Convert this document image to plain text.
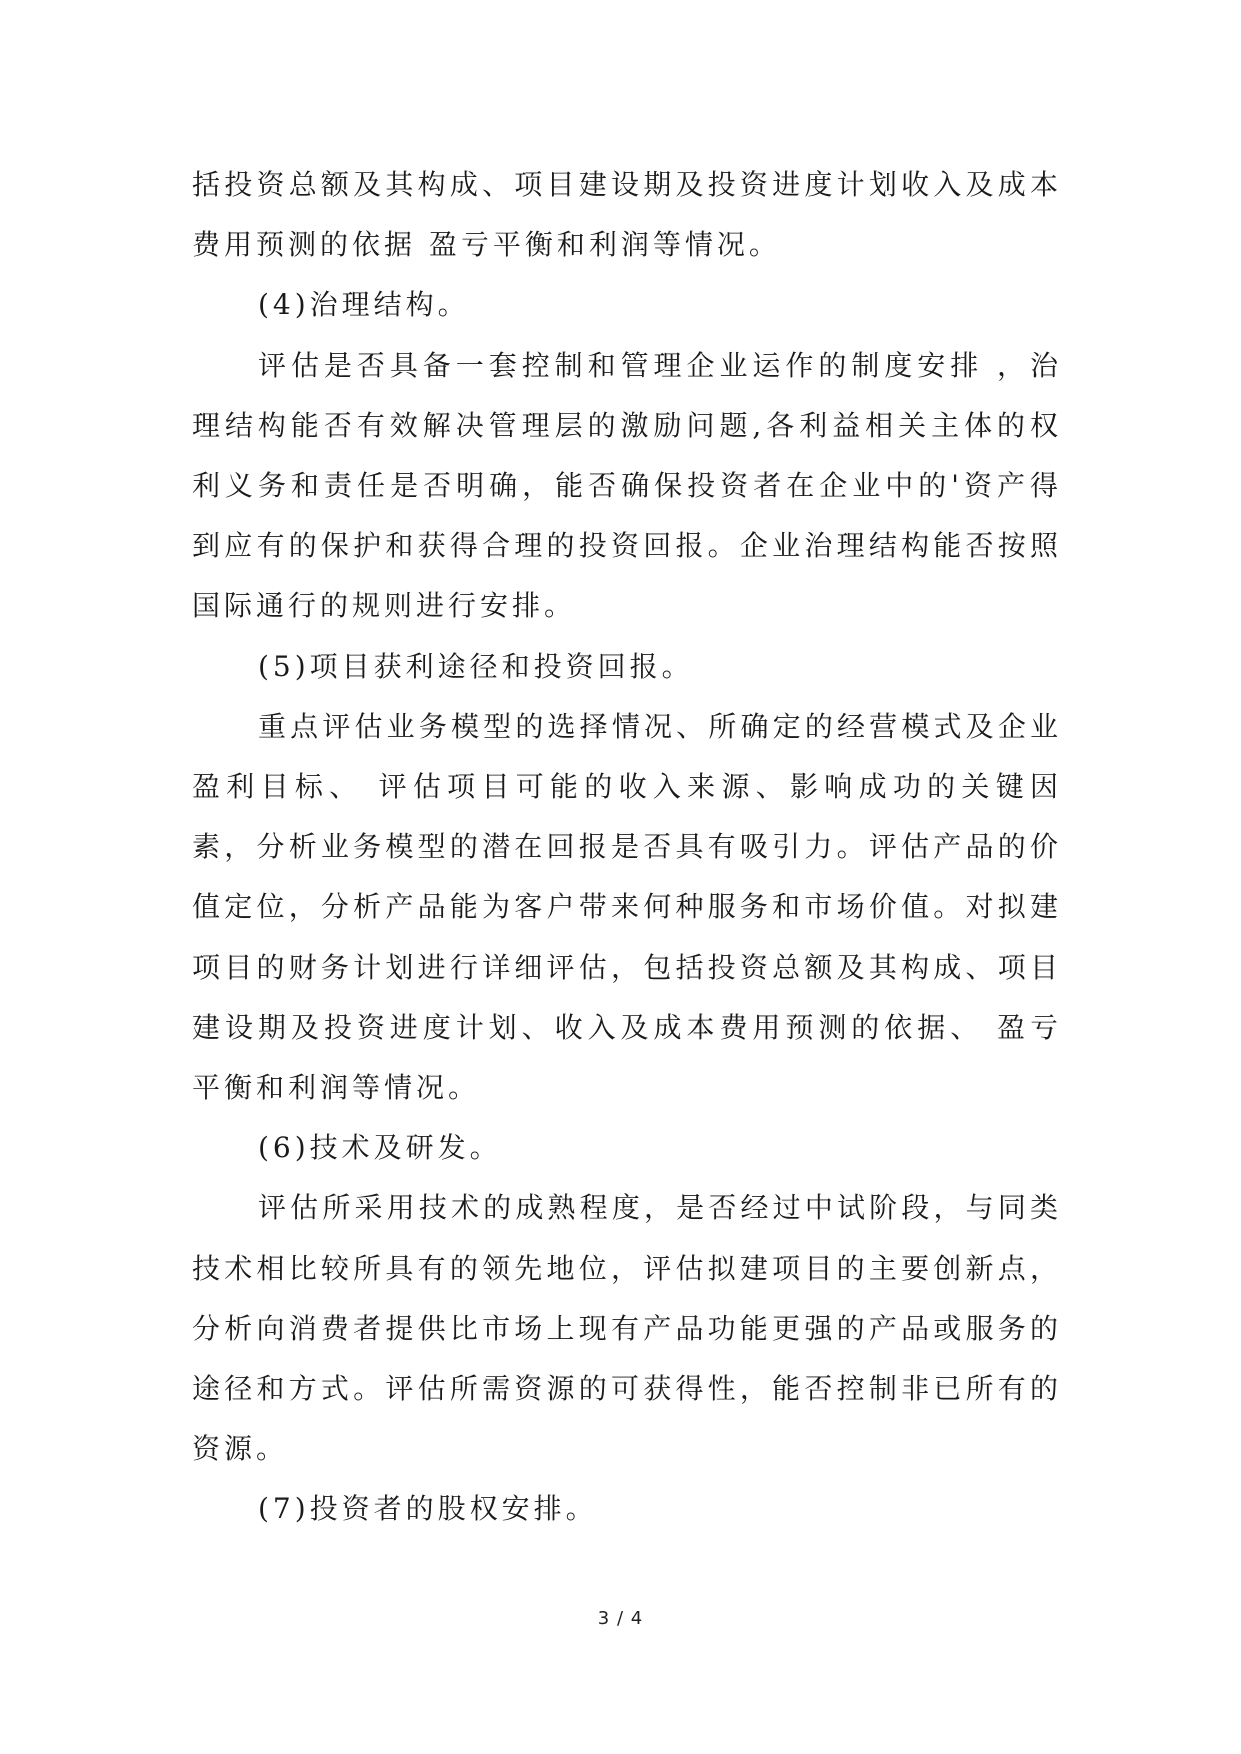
括投资总额及其构成、项目建设期及投资进度计划收入及成本费用预测的依据 盈亏平衡和利润等情况。

(4)治理结构。

评估是否具备一套控制和管理企业运作的制度安排 ，治理结构能否有效解决管理层的激励问题,各利益相关主体的权利义务和责任是否明确，能否确保投资者在企业中的'资产得到应有的保护和获得合理的投资回报。企业治理结构能否按照国际通行的规则进行安排。

(5)项目获利途径和投资回报。

重点评估业务模型的选择情况、所确定的经营模式及企业盈利目标、 评估项目可能的收入来源、影响成功的关键因素，分析业务模型的潜在回报是否具有吸引力。评估产品的价值定位，分析产品能为客户带来何种服务和市场价值。对拟建项目的财务计划进行详细评估，包括投资总额及其构成、项目建设期及投资进度计划、收入及成本费用预测的依据、 盈亏平衡和利润等情况。

(6)技术及研发。

评估所采用技术的成熟程度，是否经过中试阶段，与同类技术相比较所具有的领先地位，评估拟建项目的主要创新点，分析向消费者提供比市场上现有产品功能更强的产品或服务的途径和方式。评估所需资源的可获得性，能否控制非已所有的资源。

(7)投资者的股权安排。

3 / 4
